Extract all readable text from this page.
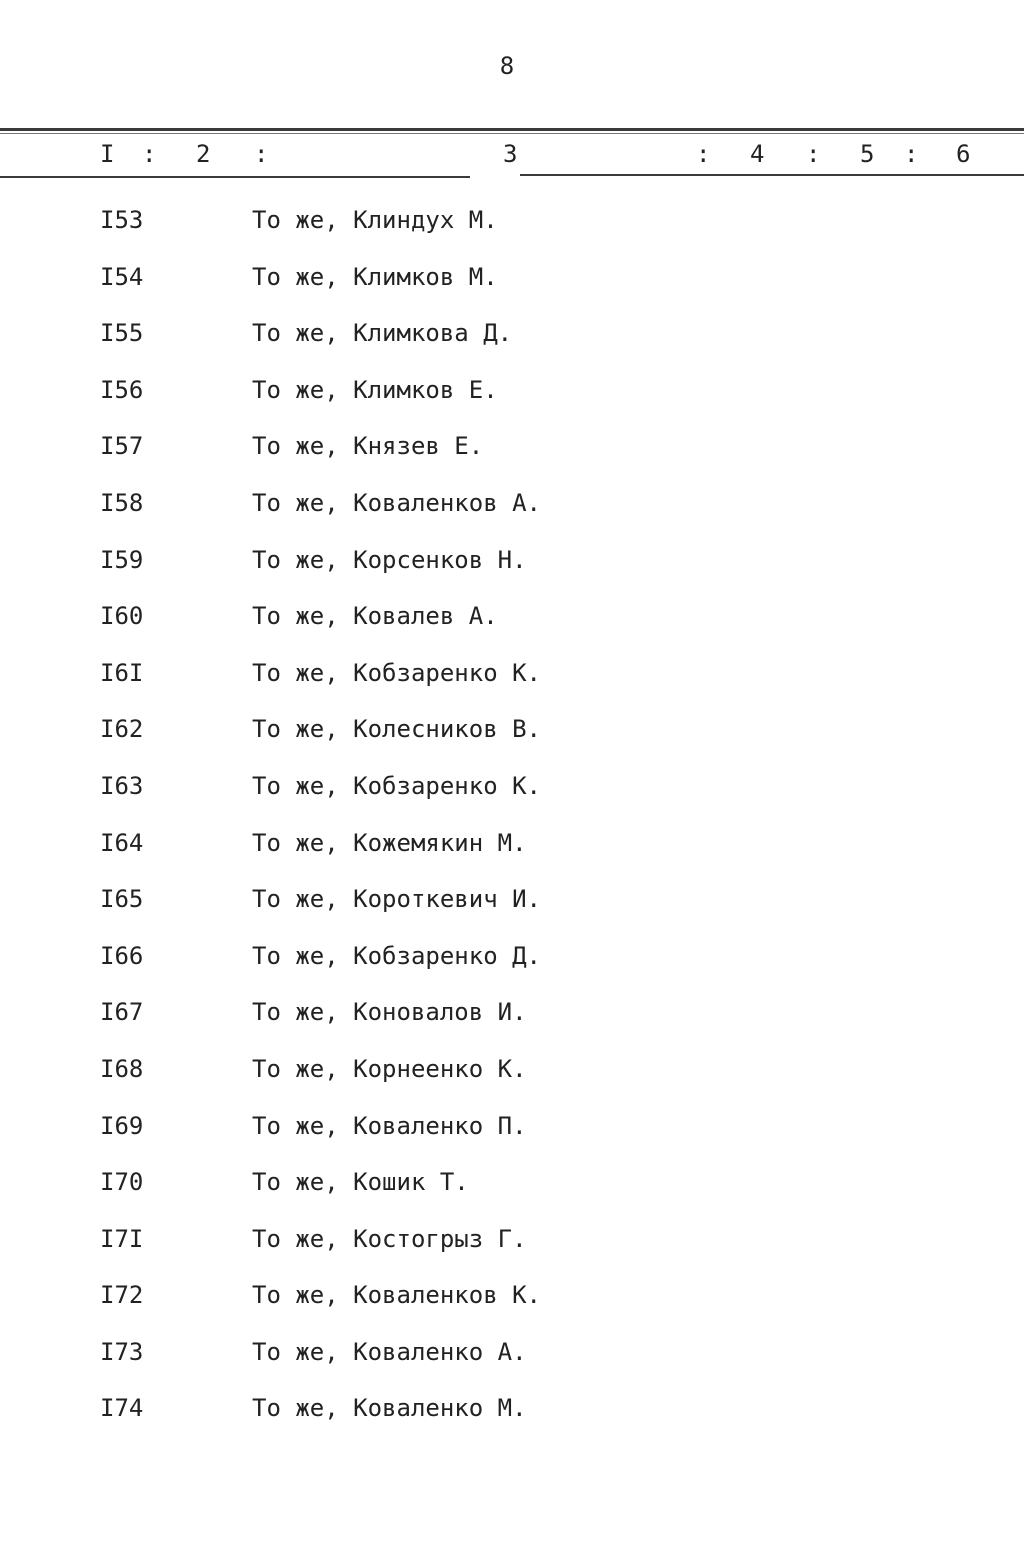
8
I : 2 :	3	: 4 : 5 : 6
I53	То же, Клиндух М.
I54	То же, Климков М.
I55	То же, Климкова Д.
I56	То же, Климков Е.
I57	То же, Князев Е.
I58	То же, Коваленков А.
I59	То же, Корсенков Н.
I60	То же, Ковалев А.
I6I	То же, Кобзаренко К.
I62	То же, Колесников В.
I63	То же, Кобзаренко К.
I64	То же, Кожемякин М.
I65	То же, Короткевич И.
I66	То же, Кобзаренко Д.
I67	То же, Коновалов И.
I68	То же, Корнеенко К.
I69	То же, Коваленко П.
I70	То же, Кошик Т.
I7I	То же, Костогрыз Г.
I72	То же, Коваленков К.
I73	То же, Коваленко А.
I74	То же, Коваленко М.
